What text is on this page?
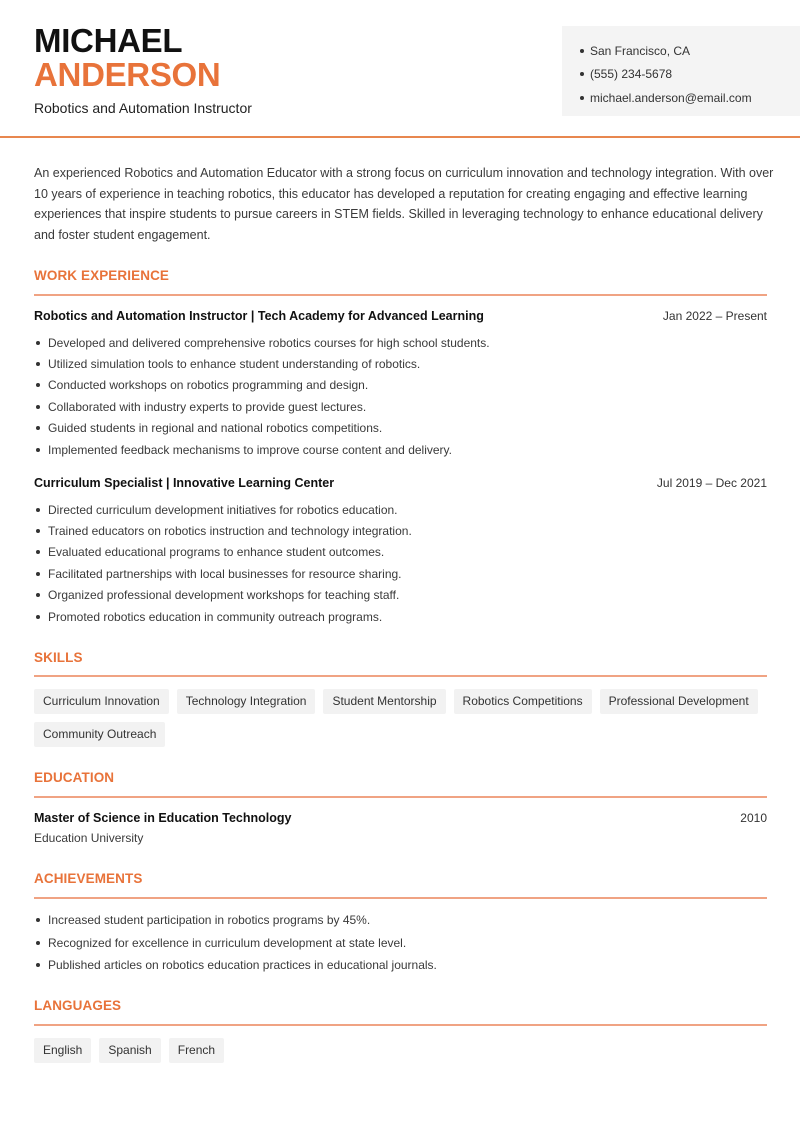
MICHAEL
ANDERSON
Robotics and Automation Instructor
San Francisco, CA
(555) 234-5678
michael.anderson@email.com

An experienced Robotics and Automation Educator with a strong focus on curriculum innovation and technology integration. With over 10 years of experience in teaching robotics, this educator has developed a reputation for creating engaging and effective learning experiences that inspire students to pursue careers in STEM fields. Skilled in leveraging technology to enhance educational delivery and foster student engagement.

WORK EXPERIENCE
Robotics and Automation Instructor | Tech Academy for Advanced Learning	Jan 2022 – Present
Developed and delivered comprehensive robotics courses for high school students.
Utilized simulation tools to enhance student understanding of robotics.
Conducted workshops on robotics programming and design.
Collaborated with industry experts to provide guest lectures.
Guided students in regional and national robotics competitions.
Implemented feedback mechanisms to improve course content and delivery.
Curriculum Specialist | Innovative Learning Center	Jul 2019 – Dec 2021
Directed curriculum development initiatives for robotics education.
Trained educators on robotics instruction and technology integration.
Evaluated educational programs to enhance student outcomes.
Facilitated partnerships with local businesses for resource sharing.
Organized professional development workshops for teaching staff.
Promoted robotics education in community outreach programs.
SKILLS
Curriculum Innovation	Technology Integration	Student Mentorship	Robotics Competitions	Professional Development
Community Outreach
EDUCATION
Master of Science in Education Technology	2010
Education University
ACHIEVEMENTS
Increased student participation in robotics programs by 45%.
Recognized for excellence in curriculum development at state level.
Published articles on robotics education practices in educational journals.
LANGUAGES
English	Spanish	French
